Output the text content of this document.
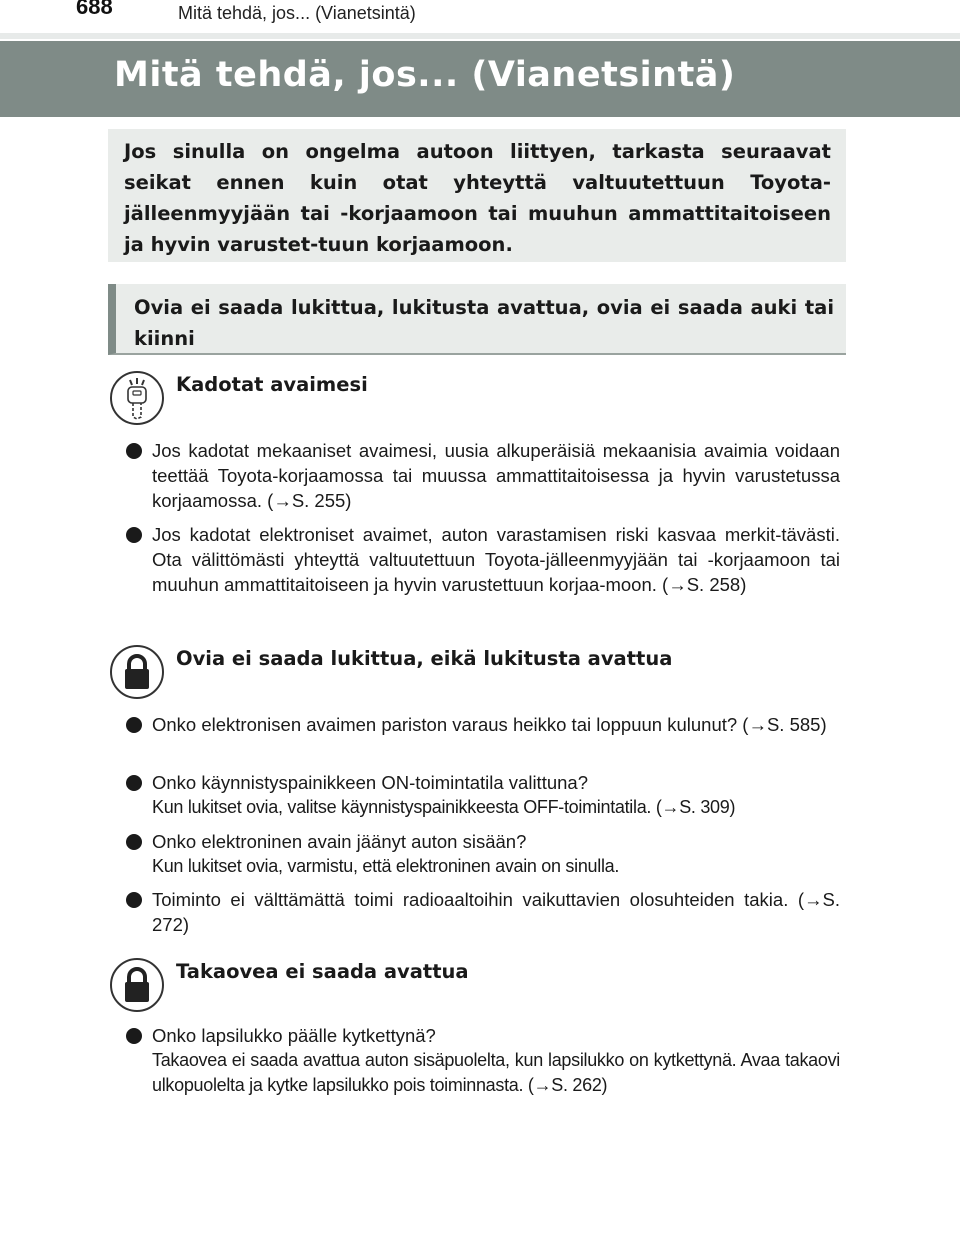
688	Mitä tehdä, jos... (Vianetsintä)
Mitä tehdä, jos... (Vianetsintä)

Jos sinulla on ongelma autoon liittyen, tarkasta seuraavat seikat ennen kuin otat yhteyttä valtuutettuun Toyota-jälleenmyyjään tai -korjaamoon tai muuhun ammattitaitoiseen ja hyvin varustet-tuun korjaamoon.

Ovia ei saada lukittua, lukitusta avattua, ovia ei saada auki tai kiinni

Kadotat avaimesi
Jos kadotat mekaaniset avaimesi, uusia alkuperäisiä mekaanisia avaimia voidaan teettää Toyota-korjaamossa tai muussa ammattitaitoisessa ja hyvin varustetussa korjaamossa. (→S. 255)
Jos kadotat elektroniset avaimet, auton varastamisen riski kasvaa merkit-tävästi. Ota välittömästi yhteyttä valtuutettuun Toyota-jälleenmyyjään tai -korjaamoon tai muuhun ammattitaitoiseen ja hyvin varustettuun korjaa-moon. (→S. 258)
Ovia ei saada lukittua, eikä lukitusta avattua
Onko elektronisen avaimen pariston varaus heikko tai loppuun kulunut? (→S. 585)
Onko käynnistyspainikkeen ON-toimintatila valittuna?
Kun lukitset ovia, valitse käynnistyspainikkeesta OFF-toimintatila. (→S. 309)
Onko elektroninen avain jäänyt auton sisään?
Kun lukitset ovia, varmistu, että elektroninen avain on sinulla.
Toiminto ei välttämättä toimi radioaaltoihin vaikuttavien olosuhteiden takia. (→S. 272)
Takaovea ei saada avattua
Onko lapsilukko päälle kytkettynä?
Takaovea ei saada avattua auton sisäpuolelta, kun lapsilukko on kytkettynä. Avaa takaovi ulkopuolelta ja kytke lapsilukko pois toiminnasta. (→S. 262)
